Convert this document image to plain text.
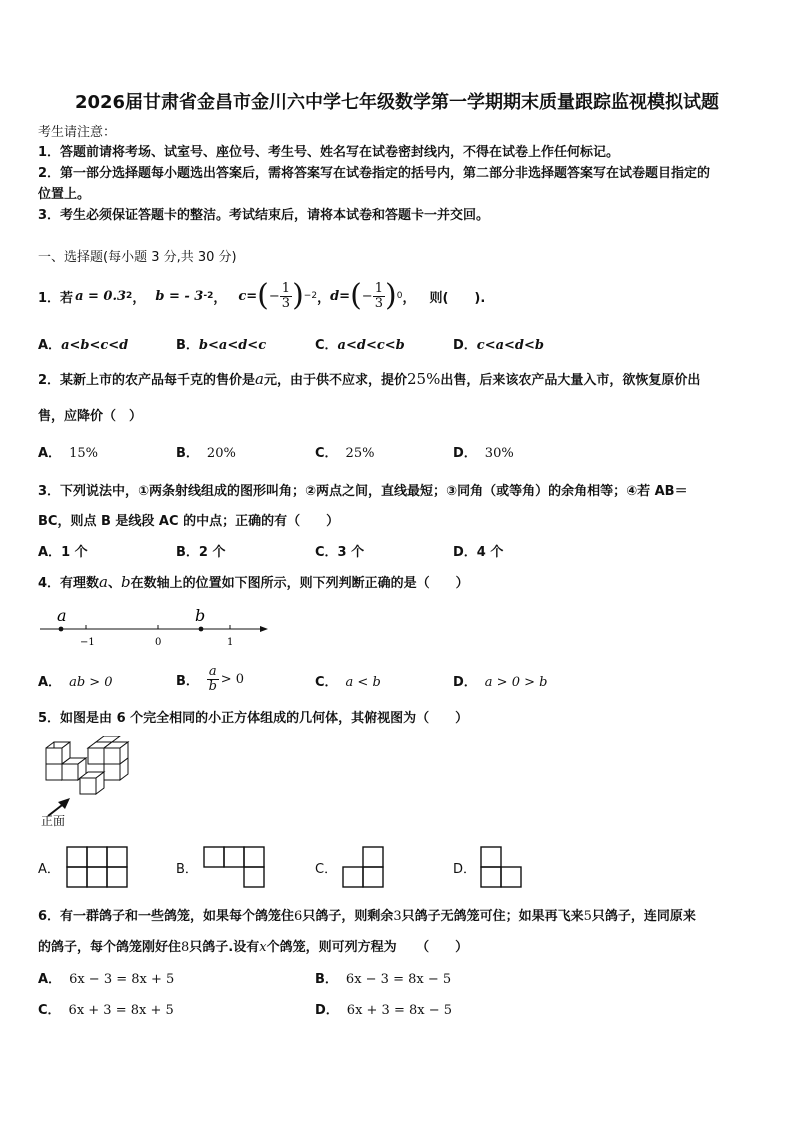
2026届甘肃省金昌市金川六中学七年级数学第一学期期末质量跟踪监视模拟试题
考生请注意：
1．答题前请将考场、试室号、座位号、考生号、姓名写在试卷密封线内，不得在试卷上作任何标记。
2．第一部分选择题每小题选出答案后，需将答案写在试卷指定的括号内，第二部分非选择题答案写在试卷题目指定的
位置上。
3．考生必须保证答题卡的整洁。考试结束后，请将本试卷和答题卡一并交回。
一、选择题(每小题 3 分,共 30 分)
1． 若 a = 0.3 2 ， b = - 3 -2 ， c= ( − $\frac{1}{3}$ ) −2 ， d= ( − $\frac{1}{3}$ ) 0 ， 则(　　).
A．a<b<c<d	B．b<a<d<c	C．a<d<c<b	D．c<a<d<b
2．某新上市的农产品每千克的售价是a元，由于供不应求，提价25%出售，后来该农产品大量入市，欲恢复原价出
售，应降价（　）
A． 15%	B． 20%	C． 25%	D． 30%
3．下列说法中，①两条射线组成的图形叫角；②两点之间，直线最短；③同角（或等角）的余角相等；④若 AB＝
BC，则点 B 是线段 AC 的中点；正确的有（　　）
A．1 个	B．2 个	C．3 个	D．4 个
4．有理数a、b在数轴上的位置如下图所示，则下列判断正确的是（　　）
a	b
−1	0	1
A． ab > 0	B． $\frac{a}{b} > 0$	C． a < b	D． a > 0 > b
5．如图是由 6 个完全相同的小正方体组成的几何体，其俯视图为（　　）
正面
A．	B．	C．	D．
6．有一群鸽子和一些鸽笼，如果每个鸽笼住6只鸽子，则剩余3只鸽子无鸽笼可住；如果再飞来5只鸽子，连同原来
的鸽子，每个鸽笼刚好住8只鸽子.设有x个鸽笼，则可列方程为　　（　　）
A． 6x − 3 = 8x + 5	B． 6x − 3 = 8x − 5
C． 6x + 3 = 8x + 5	D． 6x + 3 = 8x − 5
